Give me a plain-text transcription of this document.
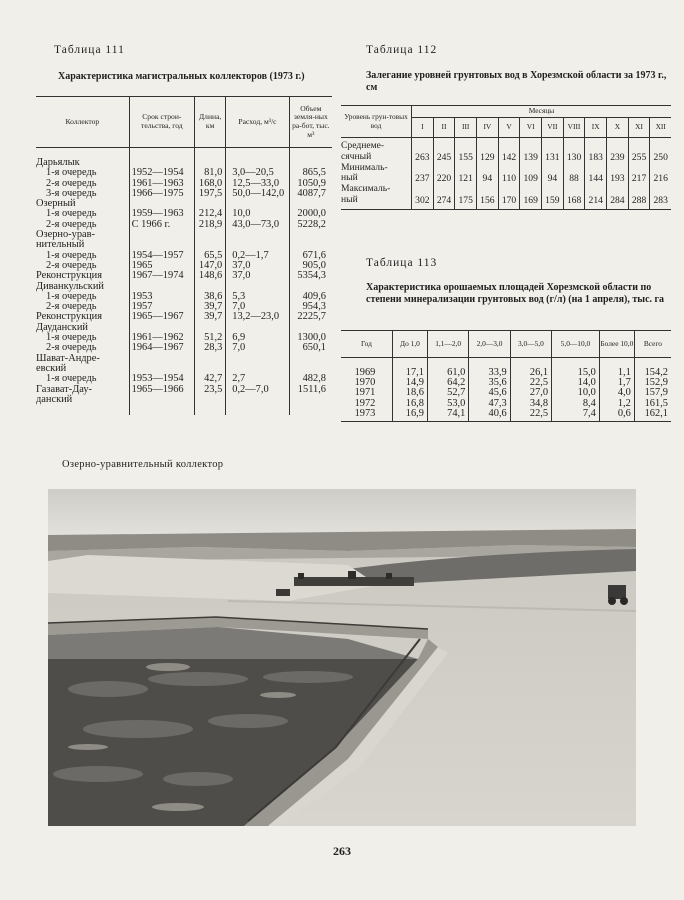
Таблица 111
Характеристика магистральных коллекторов (1973 г.)
Коллектор	Срок строи-тельства, год	Длина, км	Расход, м³/с	Объем земля-ных ра-бот, тыс. м³
Дарьялык				
1-я очередь	1952—1954	81,0	3,0—20,5	865,5
2-я очередь	1961—1963	168,0	12,5—33,0	1050,9
3-я очередь	1966—1975	197,5	50,0—142,0	4087,7
Озерный				
1-я очередь	1959—1963	212,4	10,0	2000,0
2-я очередь	С 1966 г.	218,9	43,0—73,0	5228,2
Озерно-урав-				
нительный				
1-я очередь	1954—1957	65,5	0,2—1,7	671,6
2-я очередь	1965	147,0	37,0	905,0
Реконструкция	1967—1974	148,6	37,0	5354,3
Диванкульский				
1-я очередь	1953	38,6	5,3	409,6
2-я очередь	1957	39,7	7,0	954,3
Реконструкция	1965—1967	39,7	13,2—23,0	2225,7
Дауданский				
1-я очередь	1961—1962	51,2	6,9	1300,0
2-я очередь	1964—1967	28,3	7,0	650,1
Шават-Андре-				
евский				
1-я очередь	1953—1954	42,7	2,7	482,8
Газават-Дау-	1965—1966	23,5	0,2—7,0	1511,6
данский				
Таблица 112
Залегание уровней грунтовых вод в Хорезмской области за 1973 г., см
Уровень грун-товых вод	Месяцы											
	I	II	III	IV	V	VI	VII	VIII	IX	X	XI	XII
Среднеме-												
сячный	263	245	155	129	142	139	131	130	183	239	255	250
Минималь-												
ный	237	220	121	94	110	109	94	88	144	193	217	216
Максималь-												
ный	302	274	175	156	170	169	159	168	214	284	288	283
Таблица 113
Характеристика орошаемых площадей Хорезмской области по степени минерализации грунтовых вод (г/л) (на 1 апреля), тыс. га
Год	До 1,0	1,1—2,0	2,0—3,0	3,0—5,0	5,0—10,0	Более 10,0	Всего
1969	17,1	61,0	33,9	26,1	15,0	1,1	154,2
1970	14,9	64,2	35,6	22,5	14,0	1,7	152,9
1971	18,6	52,7	45,6	27,0	10,0	4,0	157,9
1972	16,8	53,0	47,3	34,8	8,4	1,2	161,5
1973	16,9	74,1	40,6	22,5	7,4	0,6	162,1
Озерно-уравнительный коллектор
263
